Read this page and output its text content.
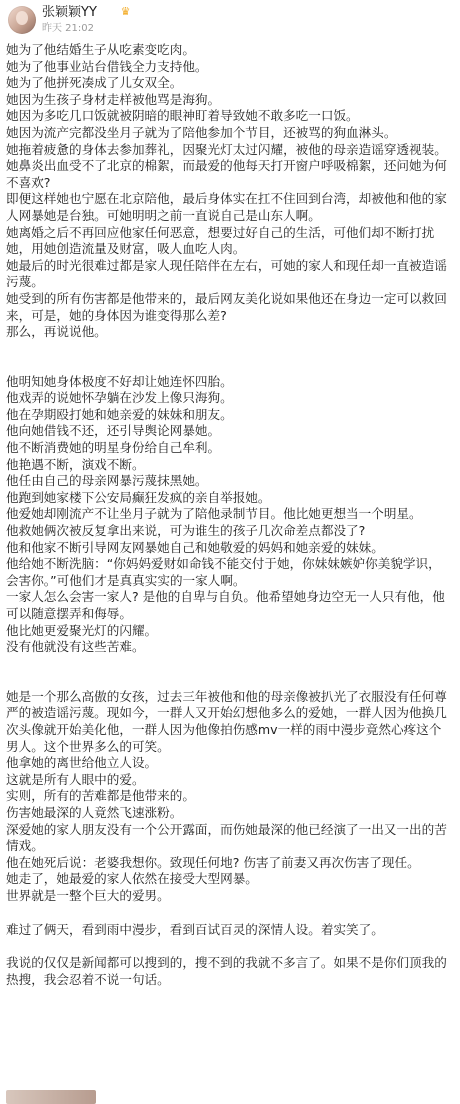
张颖颖YY ♛
昨天 21:02

她为了他结婚生子从吃素变吃肉。

她为了他事业站台借钱全力支持他。

她为了他拼死凑成了儿女双全。

她因为生孩子身材走样被他骂是海狗。

她因为多吃几口饭就被阴暗的眼神盯着导致她不敢多吃一口饭。

她因为流产完都没坐月子就为了陪他参加个节目，还被骂的狗血淋头。

她拖着疲惫的身体去参加葬礼，因聚光灯太过闪耀，被他的母亲造谣穿透视装。

她鼻炎出血受不了北京的棉絮，而最爱的他每天打开窗户呼吸棉絮，还问她为何不喜欢?

即便这样她也宁愿在北京陪他，最后身体实在扛不住回到台湾，却被他和他的家人网暴她是台独。可她明明之前一直说自己是山东人啊。

她离婚之后不再回应他家任何恶意，想要过好自己的生活，可他们却不断打扰她，用她创造流量及财富，吸人血吃人肉。

她最后的时光很难过都是家人现任陪伴在左右，可她的家人和现任却一直被造谣污蔑。

她受到的所有伤害都是他带来的，最后网友美化说如果他还在身边一定可以救回来，可是，她的身体因为谁变得那么差?

那么，再说说他。

他明知她身体极度不好却让她连怀四胎。

他戏弄的说她怀孕躺在沙发上像只海狗。

他在孕期殴打她和她亲爱的妹妹和朋友。

他向她借钱不还，还引导舆论网暴她。

他不断消费她的明星身份给自己牟利。

他艳遇不断，演戏不断。

他任由自己的母亲网暴污蔑抹黑她。

他跑到她家楼下公安局癫狂发疯的亲自举报她。

他爱她却刚流产不让坐月子就为了陪他录制节目。他比她更想当一个明星。

他救她俩次被反复拿出来说，可为谁生的孩子几次命差点都没了?

他和他家不断引导网友网暴她自己和她敬爱的妈妈和她亲爱的妹妹。

他给她不断洗脑：“你妈妈爱财如命钱不能交付于她，你妹妹嫉妒你美貌学识，会害你。”可他们才是真真实实的一家人啊。

一家人怎么会害一家人? 是他的自卑与自负。他希望她身边空无一人只有他，他可以随意摆弄和侮辱。

他比她更爱聚光灯的闪耀。

没有他就没有这些苦难。

她是一个那么高傲的女孩，过去三年被他和他的母亲像被扒光了衣服没有任何尊严的被造谣污蔑。现如今，一群人又开始幻想他多么的爱她，一群人因为他换几次头像就开始美化他，一群人因为他像拍伤感mv一样的雨中漫步竟然心疼这个男人。这个世界多么的可笑。

他拿她的离世给他立人设。

这就是所有人眼中的爱。

实则，所有的苦难都是他带来的。

伤害她最深的人竟然飞速涨粉。

深爱她的家人朋友没有一个公开露面，而伤她最深的他已经演了一出又一出的苦情戏。

他在她死后说：老婆我想你。致现任何地? 伤害了前妻又再次伤害了现任。

她走了，她最爱的家人依然在接受大型网暴。

世界就是一整个巨大的爱男。

难过了俩天，看到雨中漫步，看到百试百灵的深情人设。着实笑了。

我说的仅仅是新闻都可以搜到的，搜不到的我就不多言了。如果不是你们顶我的热搜，我会忍着不说一句话。
